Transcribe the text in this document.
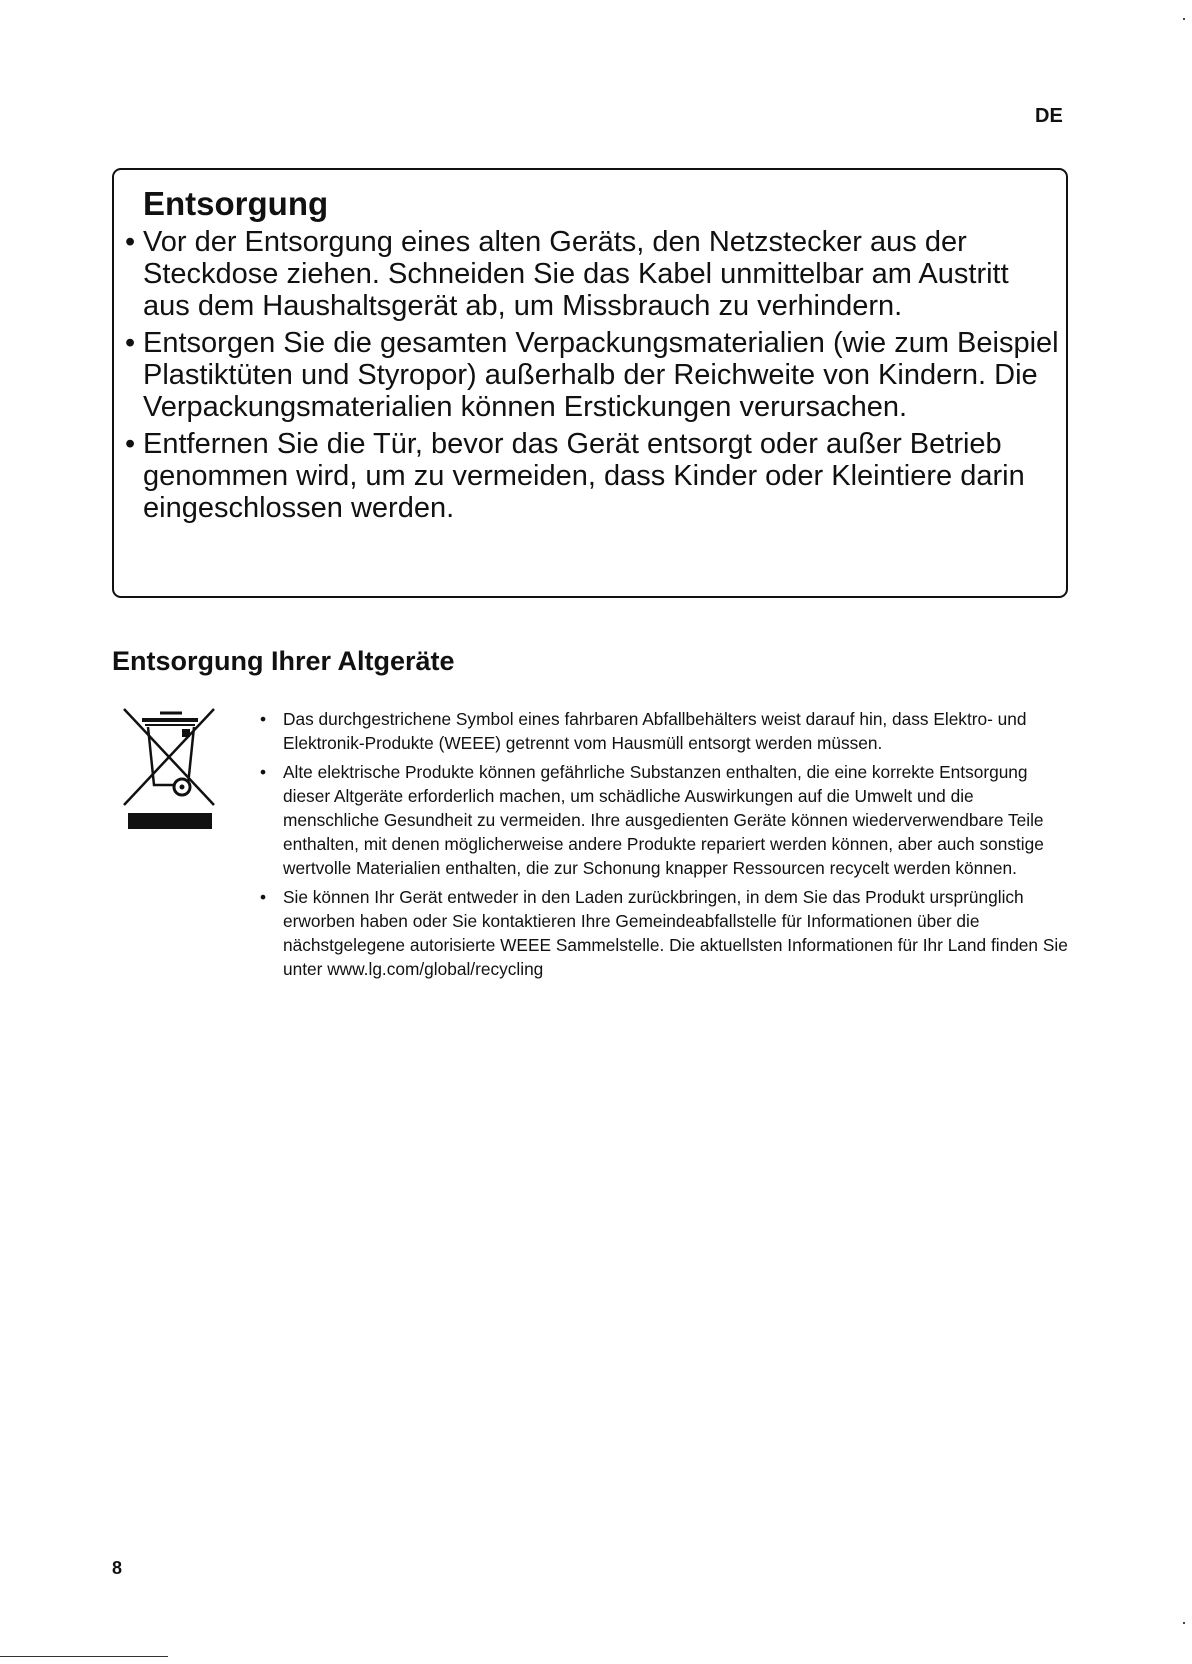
DE
Entsorgung
• Vor der Entsorgung eines alten Geräts, den Netzstecker aus der Steckdose ziehen. Schneiden Sie das Kabel unmittelbar am Austritt aus dem Haushaltsgerät ab, um Missbrauch zu verhindern.
• Entsorgen Sie die gesamten Verpackungsmaterialien (wie zum Beispiel Plastiktüten und Styropor) außerhalb der Reichweite von Kindern. Die Verpackungsmaterialien können Erstickungen verursachen.
• Entfernen Sie die Tür, bevor das Gerät entsorgt oder außer Betrieb genommen wird, um zu vermeiden, dass Kinder oder Kleintiere darin eingeschlossen werden.
Entsorgung Ihrer Altgeräte
• Das durchgestrichene Symbol eines fahrbaren Abfallbehälters weist darauf hin, dass Elektro- und Elektronik-Produkte (WEEE) getrennt vom Hausmüll entsorgt werden müssen.
• Alte elektrische Produkte können gefährliche Substanzen enthalten, die eine korrekte Entsorgung dieser Altgeräte erforderlich machen, um schädliche Auswirkungen auf die Umwelt und die menschliche Gesundheit zu vermeiden. Ihre ausgedienten Geräte können wiederverwendbare Teile enthalten, mit denen möglicherweise andere Produkte repariert werden können, aber auch sonstige wertvolle Materialien enthalten, die zur Schonung knapper Ressourcen recycelt werden können.
• Sie können Ihr Gerät entweder in den Laden zurückbringen, in dem Sie das Produkt ursprünglich erworben haben oder Sie kontaktieren Ihre Gemeindeabfallstelle für Informationen über die nächstgelegene autorisierte WEEE Sammelstelle. Die aktuellsten Informationen für Ihr Land finden Sie unter www.lg.com/global/recycling
8
